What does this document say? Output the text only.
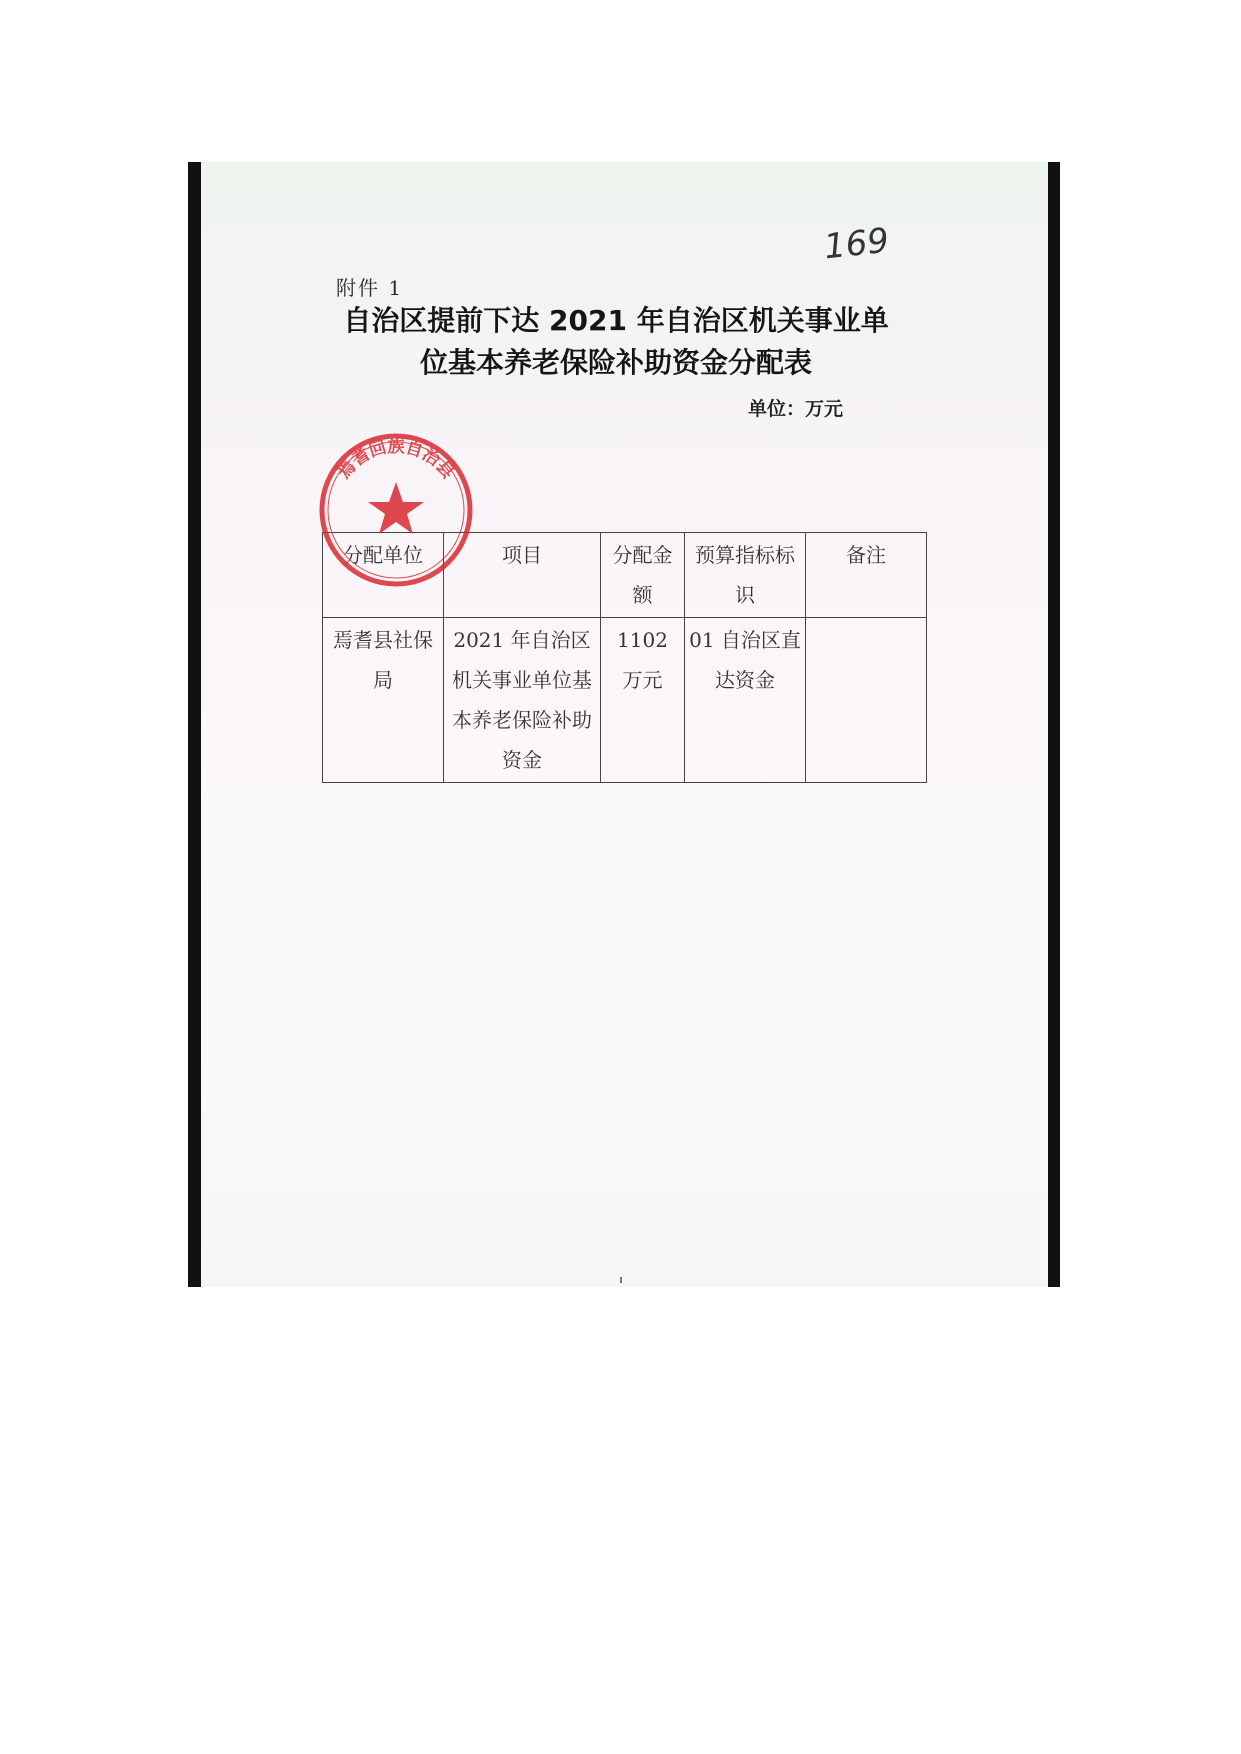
169
附件 1
自治区提前下达 2021 年自治区机关事业单
位基本养老保险补助资金分配表
单位：万元
分配单位	项目	分配金额	预算指标标识	备注
焉耆县社保局	2021 年自治区机关事业单位基本养老保险补助资金	1102 万元	01 自治区直达资金	
焉耆回族自治县
